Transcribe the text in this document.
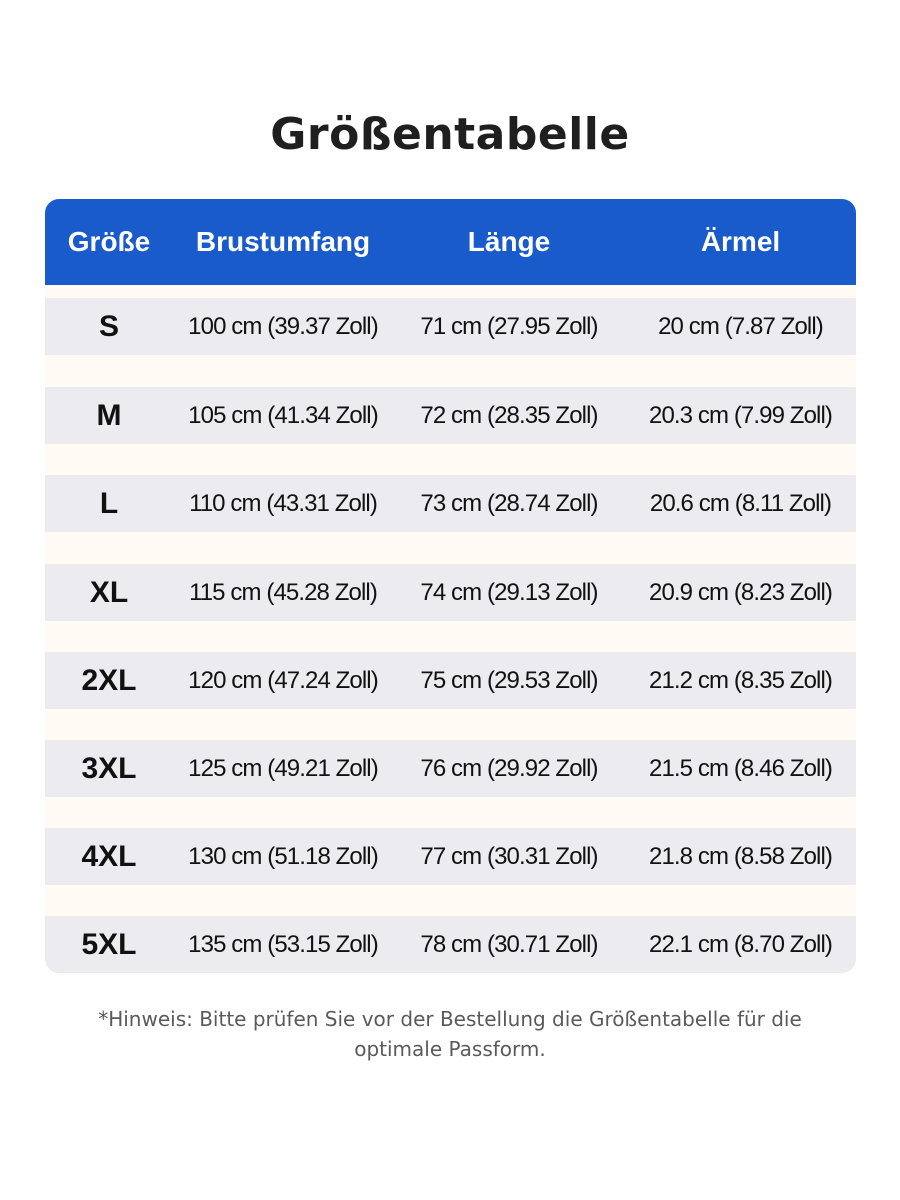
Größentabelle
Größe	Brustumfang	Länge	Ärmel
S	100 cm (39.37 Zoll)	71 cm (27.95 Zoll)	20 cm (7.87 Zoll)
M	105 cm (41.34 Zoll)	72 cm (28.35 Zoll)	20.3 cm (7.99 Zoll)
L	110 cm (43.31 Zoll)	73 cm (28.74 Zoll)	20.6 cm (8.11 Zoll)
XL	115 cm (45.28 Zoll)	74 cm (29.13 Zoll)	20.9 cm (8.23 Zoll)
2XL	120 cm (47.24 Zoll)	75 cm (29.53 Zoll)	21.2 cm (8.35 Zoll)
3XL	125 cm (49.21 Zoll)	76 cm (29.92 Zoll)	21.5 cm (8.46 Zoll)
4XL	130 cm (51.18 Zoll)	77 cm (30.31 Zoll)	21.8 cm (8.58 Zoll)
5XL	135 cm (53.15 Zoll)	78 cm (30.71 Zoll)	22.1 cm (8.70 Zoll)
*Hinweis: Bitte prüfen Sie vor der Bestellung die Größentabelle für die optimale Passform.
